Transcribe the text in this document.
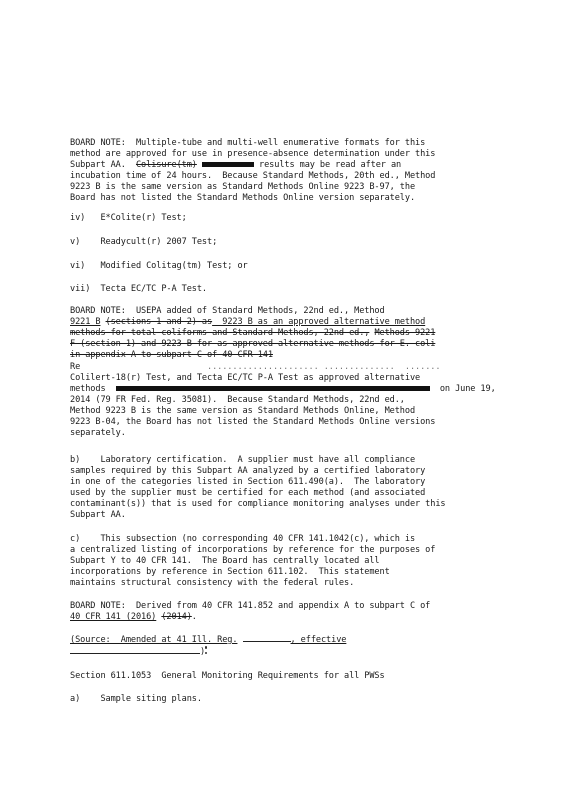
BOARD NOTE:  Multiple-tube and multi-well enumerative formats for this
method are approved for use in presence-absence determination under this
Subpart AA. Colisure(tm)	results may be read after an
incubation time of 24 hours.  Because Standard Methods, 20th ed., Method
9223 B is the same version as Standard Methods Online 9223 B-97, the
Board has not listed the Standard Methods Online version separately.
iv)   E*Colite(r) Test;
v)    Readycult(r) 2007 Test;
vi)   Modified Colitag(tm) Test; or
vii)  Tecta EC/TC P-A Test.
BOARD NOTE:  USEPA added of Standard Methods, 22nd ed., Method
9221 B (sections 1 and 2) as  9223 B as an approved alternative method
methods for total coliforms and Standard Methods, 22nd ed., Methods 9221
F (section 1) and 9223 B for as approved alternative methods for E. coli
in appendix A to subpart C of 40 CFR 141
Re	...................... ..............  .......
Colilert-18(r) Test, and Tecta EC/TC P-A Test as approved alternative
methods	on June 19,
2014 (79 FR Fed. Reg. 35081).  Because Standard Methods, 22nd ed.,
Method 9223 B is the same version as Standard Methods Online, Method
9223 B-04, the Board has not listed the Standard Methods Online versions
separately.
b)    Laboratory certification.  A supplier must have all compliance
samples required by this Subpart AA analyzed by a certified laboratory
in one of the categories listed in Section 611.490(a).  The laboratory
used by the supplier must be certified for each method (and associated
contaminant(s)) that is used for compliance monitoring analyses under this
Subpart AA.
c)    This subsection (no corresponding 40 CFR 141.1042(c), which is
a centralized listing of incorporations by reference for the purposes of
Subpart Y to 40 CFR 141.  The Board has centrally located all
incorporations by reference in Section 611.102.  This statement
maintains structural consistency with the federal rules.
BOARD NOTE:  Derived from 40 CFR 141.852 and appendix A to subpart C of
40 CFR 141 (2016) (2014).
(Source:  Amended at 41 Ill. Reg.	, effective
)
Section 611.1053  General Monitoring Requirements for all PWSs
a)    Sample siting plans.
